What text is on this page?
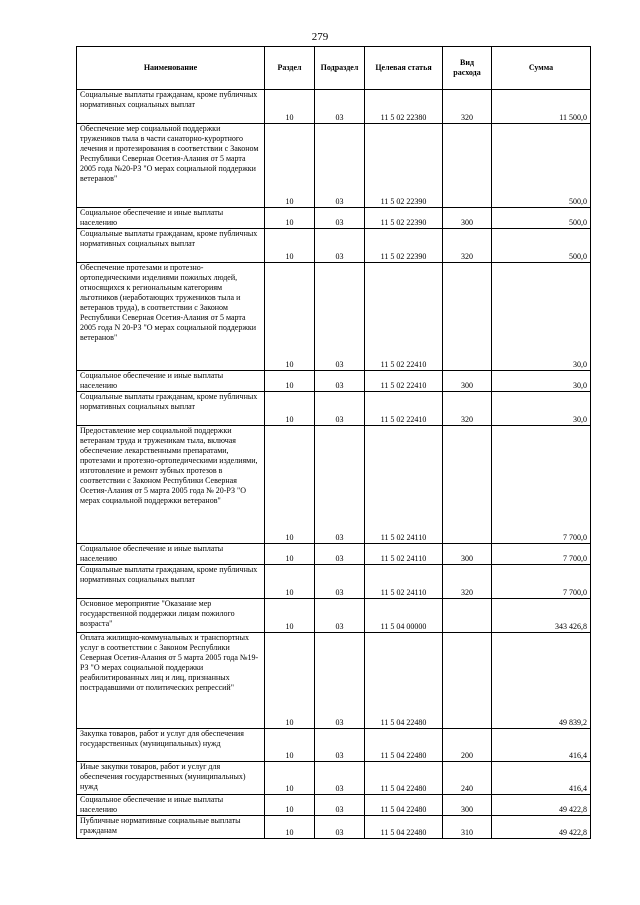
279
Наименование	Раздел	Подраздел	Целевая статья	Вид расхода	Сумма
Социальные выплаты гражданам, кроме публичных нормативных социальных выплат	10	03	11 5 02 22380	320	11 500,0
Обеспечение мер социальной поддержки тружеников тыла в части санаторно-курортного лечения и протезирования в соответствии с Законом Республики Северная Осетия-Алания от 5 марта 2005 года №20-РЗ "О мерах социальной поддержки ветеранов"	10	03	11 5 02 22390		500,0
Социальное обеспечение и иные выплаты населению	10	03	11 5 02 22390	300	500,0
Социальные выплаты гражданам, кроме публичных нормативных социальных выплат	10	03	11 5 02 22390	320	500,0
Обеспечение протезами и протезно-ортопедическими изделиями пожилых людей, относящихся к региональным категориям льготников (неработающих тружеников тыла и ветеранов труда), в соответствии с Законом Республики Северная Осетия-Алания от 5 марта 2005 года N 20-РЗ "О мерах социальной поддержки ветеранов"	10	03	11 5 02 22410		30,0
Социальное обеспечение и иные выплаты населению	10	03	11 5 02 22410	300	30,0
Социальные выплаты гражданам, кроме публичных нормативных социальных выплат	10	03	11 5 02 22410	320	30,0
Предоставление мер социальной поддержки ветеранам труда и труженикам тыла, включая обеспечение лекарственными препаратами, протезами и протезно-ортопедическими изделиями, изготовление и ремонт зубных протезов в соответствии с Законом Республики Северная Осетия-Алания от 5 марта 2005 года № 20-РЗ "О мерах социальной поддержки ветеранов"	10	03	11 5 02 24110		7 700,0
Социальное обеспечение и иные выплаты населению	10	03	11 5 02 24110	300	7 700,0
Социальные выплаты гражданам, кроме публичных нормативных социальных выплат	10	03	11 5 02 24110	320	7 700,0
Основное мероприятие "Оказание мер государственной поддержки лицам пожилого возраста"	10	03	11 5 04 00000		343 426,8
Оплата жилищно-коммунальных и транспортных услуг в соответствии с Законом Республики Северная Осетия-Алания от 5 марта 2005 года №19-РЗ "О мерах социальной поддержки реабилитированных лиц и лиц, признанных пострадавшими от политических репрессий"	10	03	11 5 04 22480		49 839,2
Закупка товаров, работ и услуг для обеспечения государственных (муниципальных) нужд	10	03	11 5 04 22480	200	416,4
Иные закупки товаров, работ и услуг для обеспечения государственных (муниципальных) нужд	10	03	11 5 04 22480	240	416,4
Социальное обеспечение и иные выплаты населению	10	03	11 5 04 22480	300	49 422,8
Публичные нормативные социальные выплаты гражданам	10	03	11 5 04 22480	310	49 422,8
